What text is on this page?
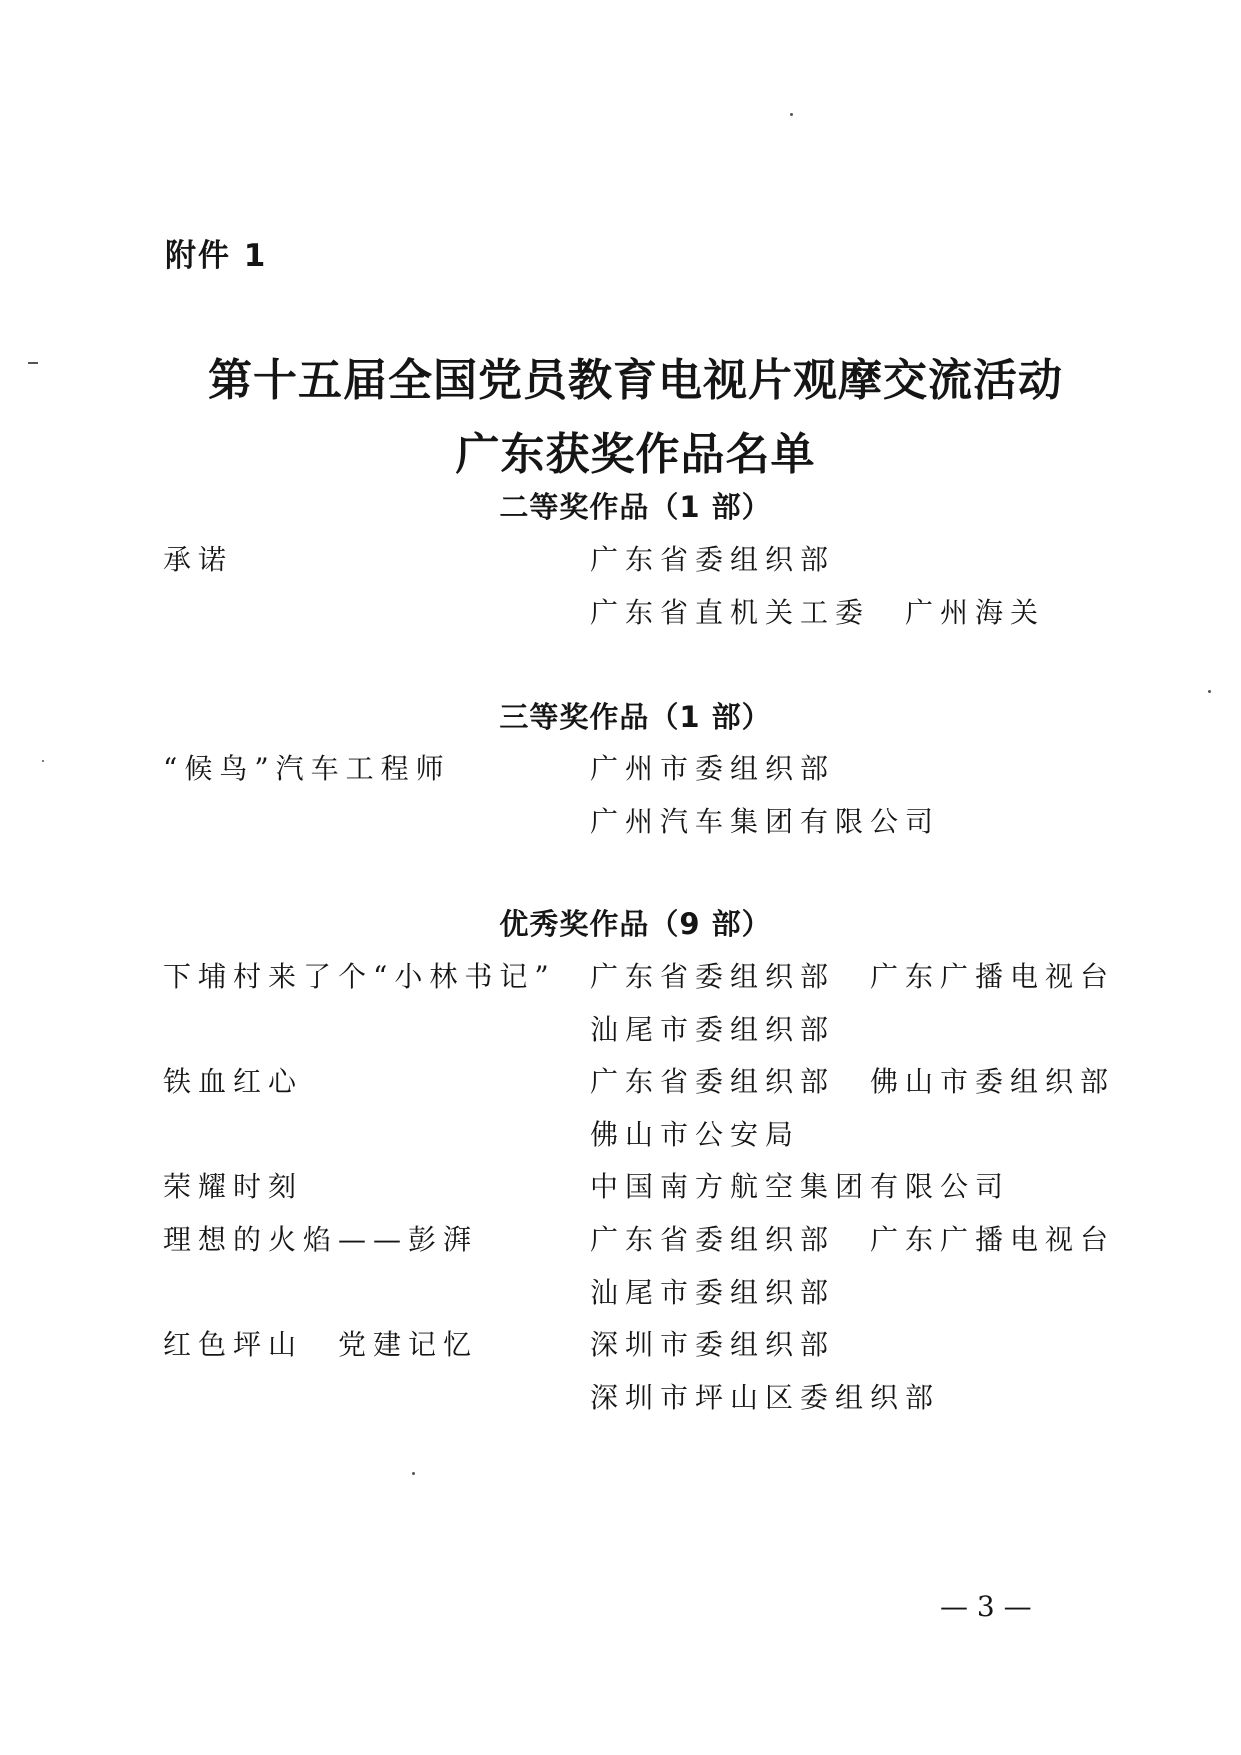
附件 1
第十五届全国党员教育电视片观摩交流活动
广东获奖作品名单
二等奖作品（1 部）
承诺	广东省委组织部
广东省直机关工委　广州海关
三等奖作品（1 部）
“候鸟”汽车工程师	广州市委组织部
广州汽车集团有限公司
优秀奖作品（9 部）
下埔村来了个“小林书记” 广东省委组织部　广东广播电视台
汕尾市委组织部
铁血红心	广东省委组织部　佛山市委组织部
佛山市公安局
荣耀时刻	中国南方航空集团有限公司
理想的火焰——彭湃	广东省委组织部　广东广播电视台
汕尾市委组织部
红色坪山　党建记忆	深圳市委组织部
深圳市坪山区委组织部
— 3 —
